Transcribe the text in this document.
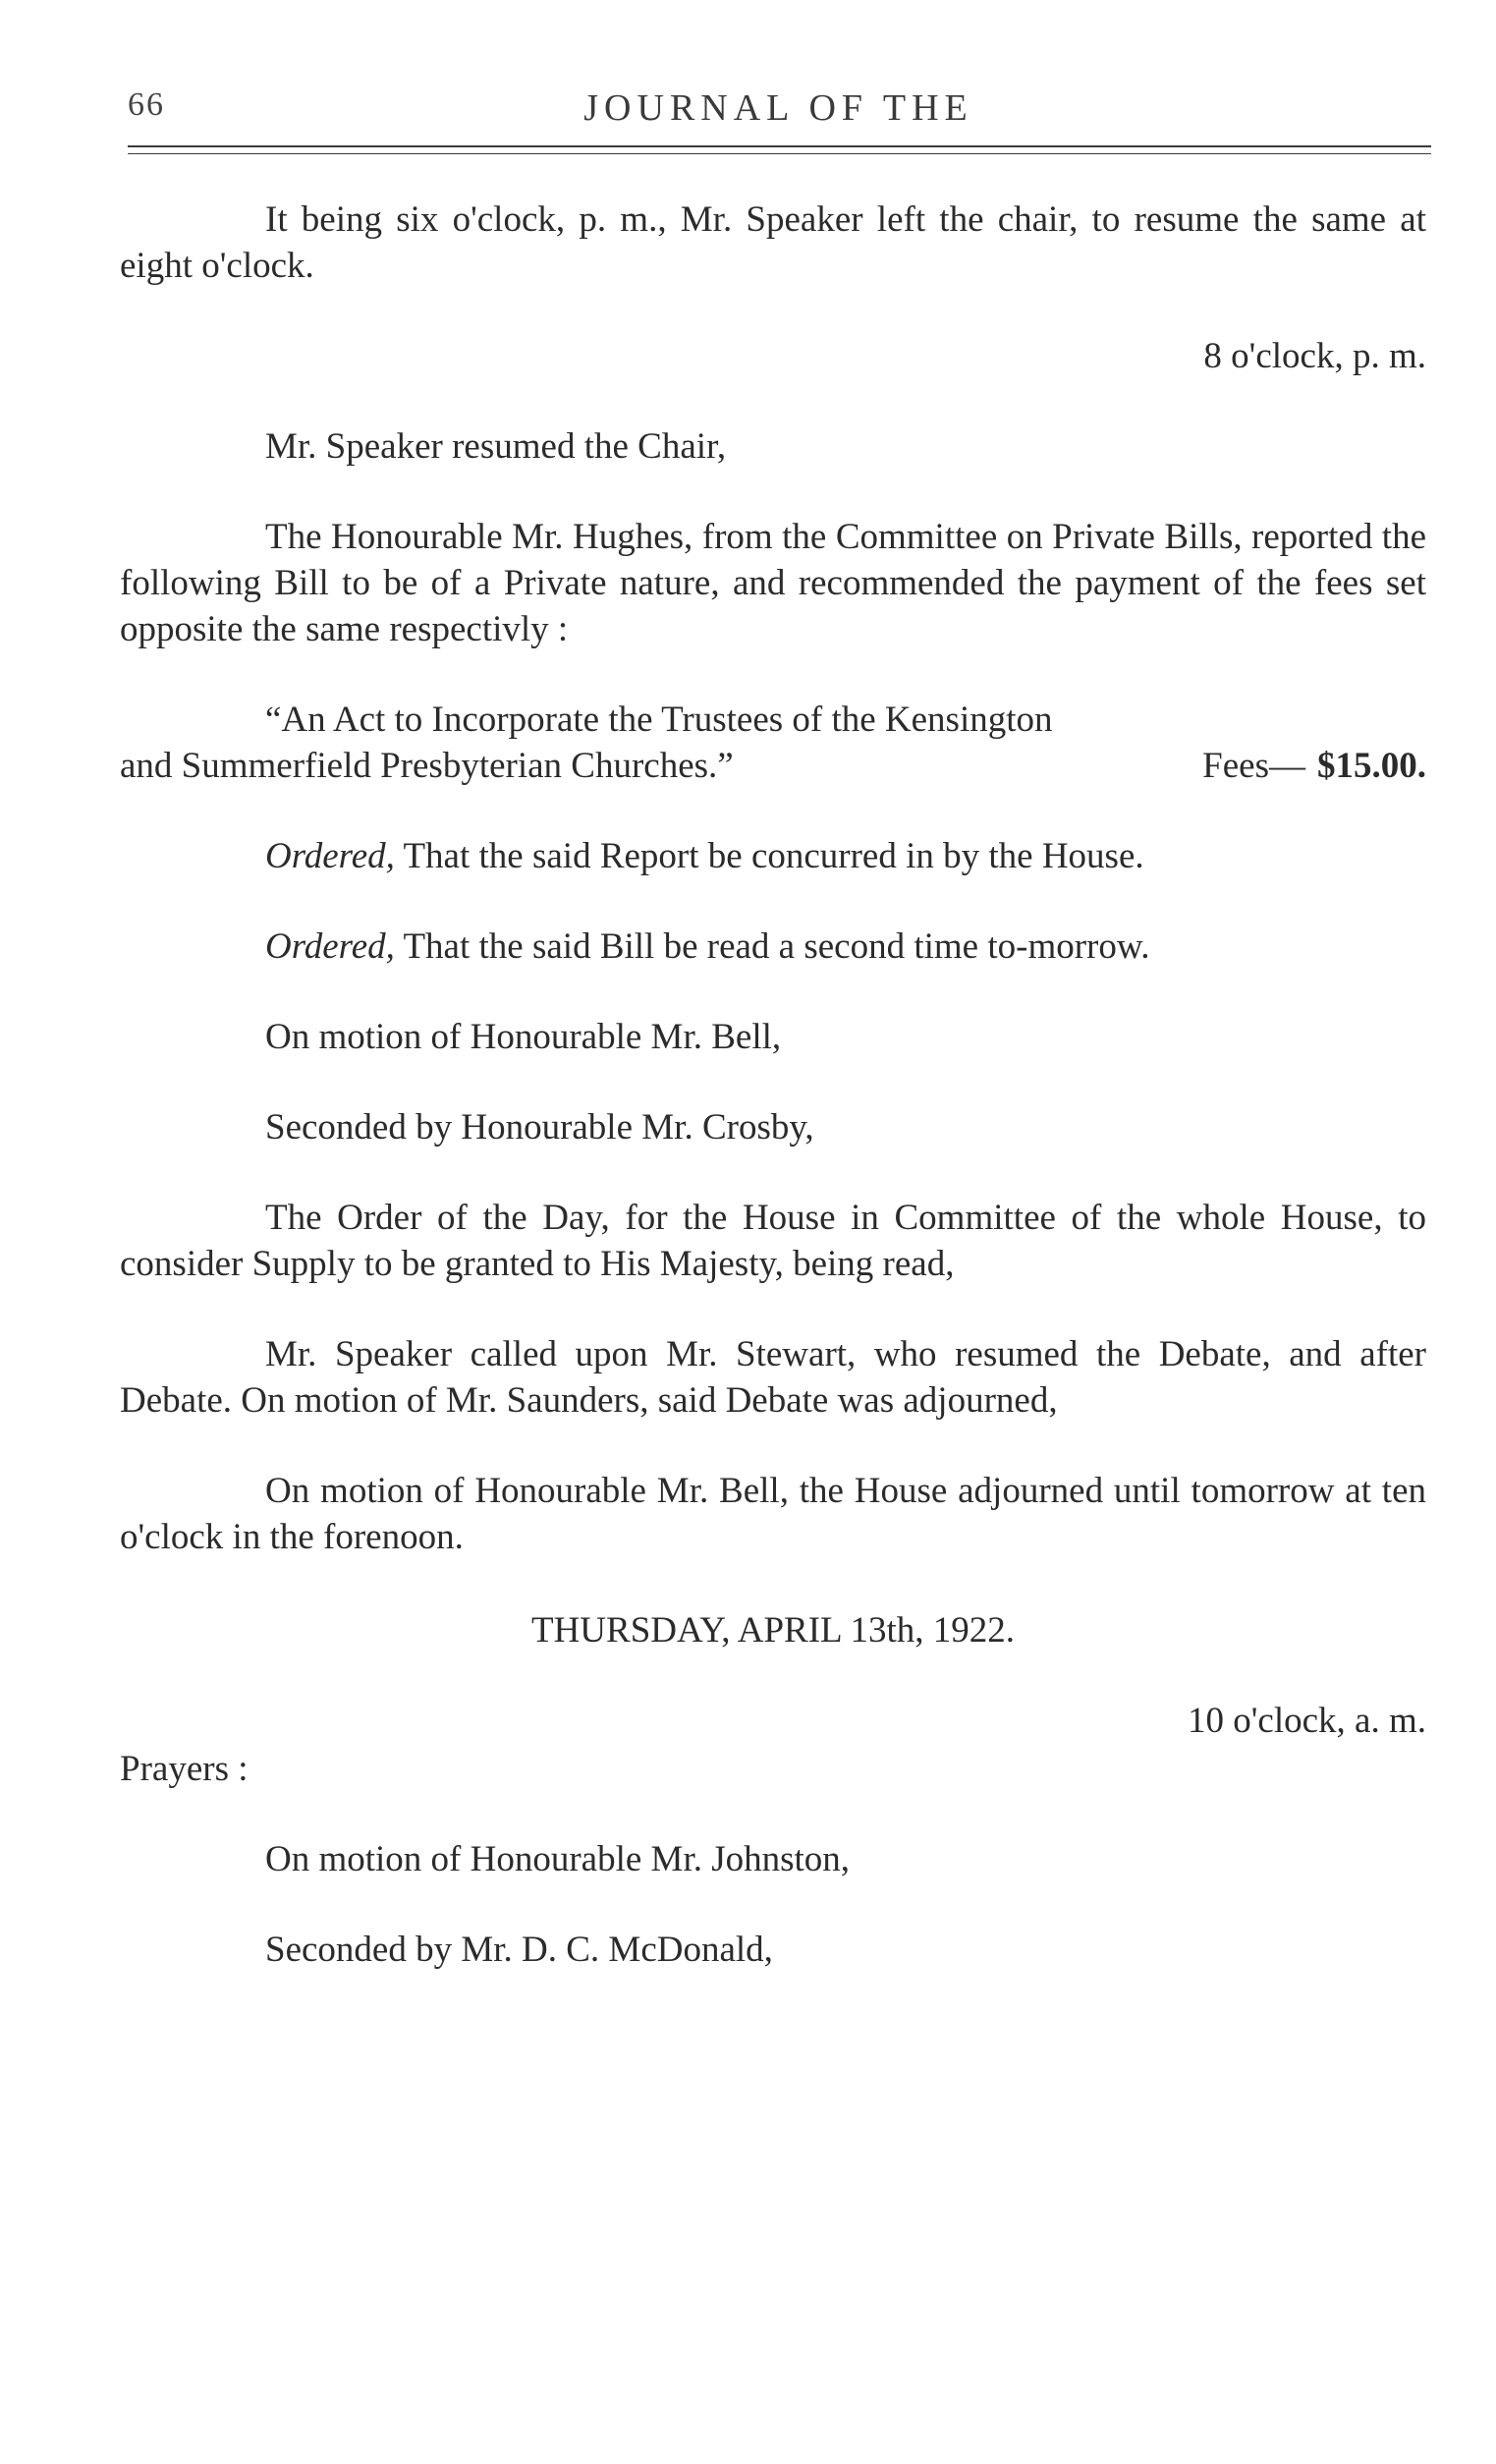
66	JOURNAL OF THE

It being six o'clock, p. m., Mr. Speaker left the chair, to resume the same at eight o'clock.

8 o'clock, p. m.

Mr. Speaker resumed the Chair,

The Honourable Mr. Hughes, from the Committee on Private Bills, reported the following Bill to be of a Private nature, and recommended the payment of the fees set opposite the same respectivly :

“An Act to Incorporate the Trustees of the Kensington

and Summerfield Presbyterian Churches.”	Fees— $15.00.

Ordered, That the said Report be concurred in by the House.

Ordered, That the said Bill be read a second time to-morrow.

On motion of Honourable Mr. Bell,

Seconded by Honourable Mr. Crosby,

The Order of the Day, for the House in Committee of the whole House, to consider Supply to be granted to His Majesty, being read,

Mr. Speaker called upon Mr. Stewart, who resumed the Debate, and after Debate. On motion of Mr. Saunders, said Debate was adjourned,

On motion of Honourable Mr. Bell, the House adjourned until tomorrow at ten o'clock in the forenoon.

THURSDAY, APRIL 13th, 1922.

10 o'clock, a. m.

Prayers :

On motion of Honourable Mr. Johnston,

Seconded by Mr. D. C. McDonald,
